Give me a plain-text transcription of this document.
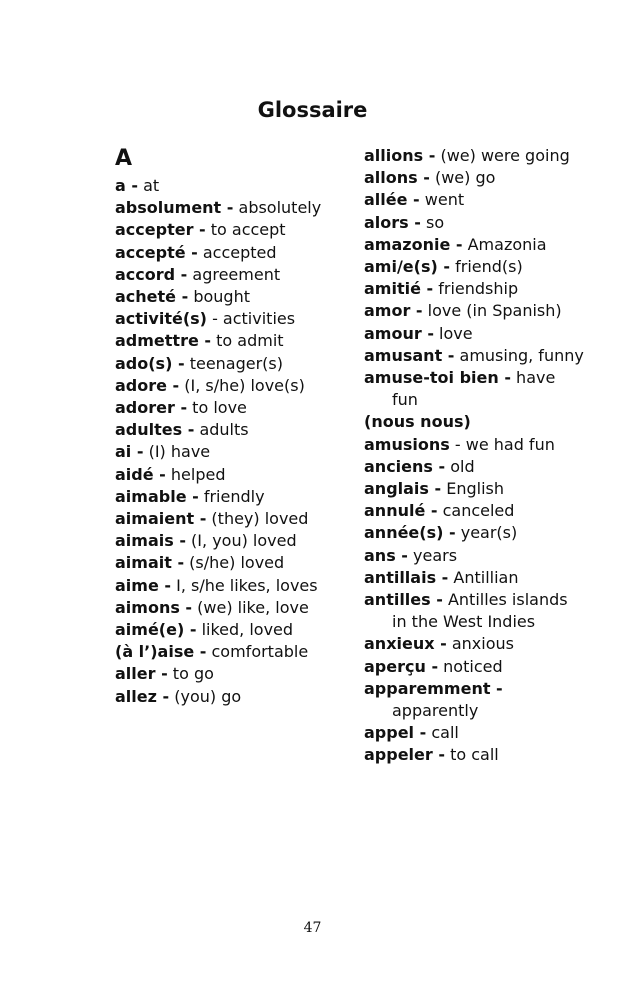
Glossaire
A
a - at
absolument - absolutely
accepter - to accept
accepté - accepted
accord - agreement
acheté - bought
activité(s) - activities
admettre - to admit
ado(s) - teenager(s)
adore - (I, s/he) love(s)
adorer - to love
adultes - adults
ai - (I) have
aidé - helped
aimable - friendly
aimaient - (they) loved
aimais - (I, you) loved
aimait - (s/he) loved
aime - I, s/he likes, loves
aimons - (we) like, love
aimé(e) - liked, loved
(à l’)aise - comfortable
aller - to go
allez - (you) go
allions - (we) were going
allons - (we) go
allée - went
alors - so
amazonie - Amazonia
ami/e(s) - friend(s)
amitié - friendship
amor - love (in Spanish)
amour - love
amusant - amusing, funny
amuse-toi bien - have fun
(nous nous)
amusions - we had fun
anciens - old
anglais - English
annulé - canceled
année(s) - year(s)
ans - years
antillais - Antillian
antilles - Antilles islands in the West Indies
anxieux - anxious
aperçu - noticed
apparemment - apparently
appel - call
appeler - to call
47
